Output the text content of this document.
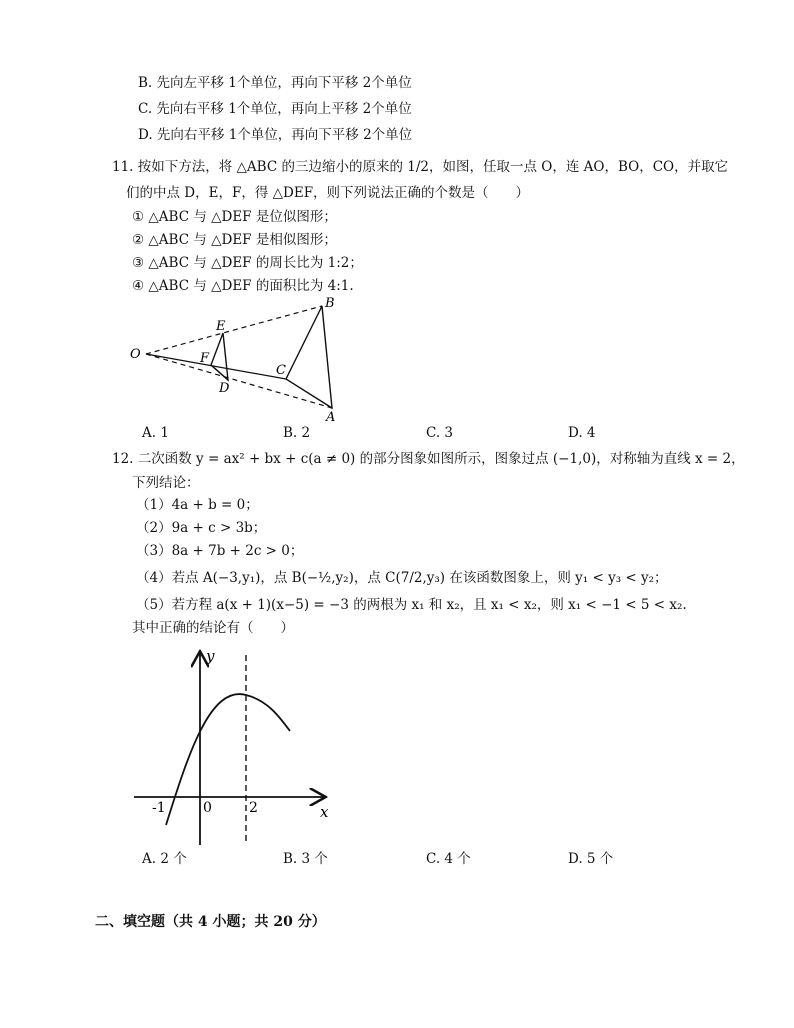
B. 先向左平移 1个单位，再向下平移 2个单位
C. 先向右平移 1个单位，再向上平移 2个单位
D. 先向右平移 1个单位，再向下平移 2个单位
11. 按如下方法，将 △ABC 的三边缩小的原来的 1/2，如图，任取一点 O，连 AO，BO，CO，并取它
们的中点 D，E，F，得 △DEF，则下列说法正确的个数是（　　）
① △ABC 与 △DEF 是位似图形；
② △ABC 与 △DEF 是相似图形；
③ △ABC 与 △DEF 的周长比为 1:2；
④ △ABC 与 △DEF 的面积比为 4:1.
O
E
F
D
C
B
A
A. 1	B. 2	C. 3	D. 4
12. 二次函数 y = ax² + bx + c(a ≠ 0) 的部分图象如图所示，图象过点 (−1,0)，对称轴为直线 x = 2，
下列结论：
（1）4a + b = 0；
（2）9a + c > 3b；
（3）8a + 7b + 2c > 0；
（4）若点 A(−3,y₁)，点 B(−½,y₂)，点 C(7/2,y₃) 在该函数图象上，则 y₁ < y₃ < y₂；
（5）若方程 a(x + 1)(x−5) = −3 的两根为 x₁ 和 x₂，且 x₁ < x₂，则 x₁ < −1 < 5 < x₂.
其中正确的结论有（　　）
y
x
-1	0	2
A. 2 个	B. 3 个	C. 4 个	D. 5 个
二、填空题（共 4 小题；共 20 分）
